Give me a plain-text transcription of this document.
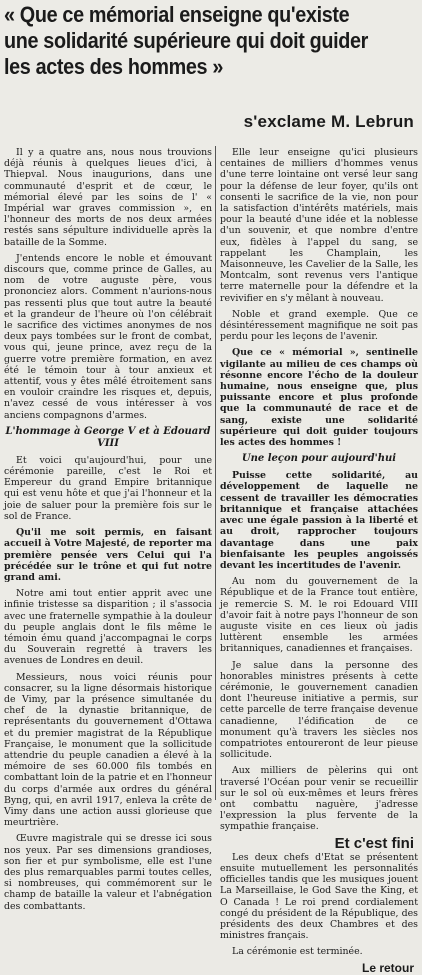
« Que ce mémorial enseigne qu'existe
une solidarité supérieure qui doit guider
les actes des hommes »
s'exclame M. Lebrun

Il y a quatre ans, nous nous trouvions déjà réunis à quelques lieues d'ici, à Thiepval. Nous inaugurions, dans une communauté d'esprit et de cœur, le mémorial élevé par les soins de l' « Impérial war graves commission », en l'honneur des morts de nos deux armées restés sans sépulture individuelle après la bataille de la Somme.

J'entends encore le noble et émouvant discours que, comme prince de Galles, au nom de votre auguste père, vous prononciez alors. Comment n'aurions-nous pas ressenti plus que tout autre la beauté et la grandeur de l'heure où l'on célébrait le sacrifice des victimes anonymes de nos deux pays tombées sur le front de combat, vous qui, jeune prince, avez reçu de la guerre votre première formation, en avez été le témoin tour à tour anxieux et attentif, vous y êtes mêlé étroitement sans en vouloir craindre les risques et, depuis, n'avez cessé de vous intéresser à vos anciens compagnons d'armes.

L'hommage à George V et à Edouard VIII

Et voici qu'aujourd'hui, pour une cérémonie pareille, c'est le Roi et Empereur du grand Empire britannique qui est venu hôte et que j'ai l'honneur et la joie de saluer pour la première fois sur le sol de France.

Qu'il me soit permis, en faisant accueil à Votre Majesté, de reporter ma première pensée vers Celui qui l'a précédée sur le trône et qui fut notre grand ami.

Notre ami tout entier apprit avec une infinie tristesse sa disparition ; il s'associa avec une fraternelle sympathie à la douleur du peuple anglais dont le fils même le témoin ému quand j'accompagnai le corps du Souverain regretté à travers les avenues de Londres en deuil.

Messieurs, nous voici réunis pour consacrer, su la ligne désormais historique de Vimy, par la présence simultanée du chef de la dynastie britannique, de représentants du gouvernement d'Ottawa et du premier magistrat de la République Française, le monument que la sollicitude attendrie du peuple canadien a élevé à la mémoire de ses 60.000 fils tombés en combattant loin de la patrie et en l'honneur du corps d'armée aux ordres du général Byng, qui, en avril 1917, enleva la crête de Vimy dans une action aussi glorieuse que meurtrière.

Œuvre magistrale qui se dresse ici sous nos yeux. Par ses dimensions grandioses, son fier et pur symbolisme, elle est l'une des plus remarquables parmi toutes celles, si nombreuses, qui commémorent sur le champ de bataille la valeur et l'abnégation des combattants.

Elle leur enseigne qu'ici plusieurs centaines de milliers d'hommes venus d'une terre lointaine ont versé leur sang pour la défense de leur foyer, qu'ils ont consenti le sacrifice de la vie, non pour la satisfaction d'intérêts matériels, mais pour la beauté d'une idée et la noblesse d'un souvenir, et que nombre d'entre eux, fidèles à l'appel du sang, se rappelant les Champlain, les Maisonneuve, les Cavelier de la Salle, les Montcalm, sont revenus vers l'antique terre maternelle pour la défendre et la revivifier en s'y mêlant à nouveau.

Noble et grand exemple. Que ce désintéressement magnifique ne soit pas perdu pour les leçons de l'avenir.

Que ce « mémorial », sentinelle vigilante au milieu de ces champs où résonne encore l'écho de la douleur humaine, nous enseigne que, plus puissante encore et plus profonde que la communauté de race et de sang, existe une solidarité supérieure qui doit guider toujours les actes des hommes !

Une leçon pour aujourd'hui

Puisse cette solidarité, au développement de laquelle ne cessent de travailler les démocraties britannique et française attachées avec une égale passion à la liberté et au droit, rapprocher toujours davantage dans une paix bienfaisante les peuples angoissés devant les incertitudes de l'avenir.

Au nom du gouvernement de la République et de la France tout entière, je remercie S. M. le roi Edouard VIII d'avoir fait à notre pays l'honneur de son auguste visite en ces lieux où jadis luttèrent ensemble les armées britanniques, canadiennes et françaises.

Je salue dans la personne des honorables ministres présents à cette cérémonie, le gouvernement canadien dont l'heureuse initiative a permis, sur cette parcelle de terre française devenue canadienne, l'édification de ce monument qu'à travers les siècles nos compatriotes entoureront de leur pieuse sollicitude.

Aux milliers de pèlerins qui ont traversé l'Océan pour venir se recueillir sur le sol où eux-mêmes et leurs frères ont combattu naguère, j'adresse l'expression la plus fervente de la sympathie française.

Et c'est fini

Les deux chefs d'Etat se présentent ensuite mutuellement les personnalités officielles tandis que les musiques jouent La Marseillaise, le God Save the King, et O Canada ! Le roi prend cordialement congé du président de la République, des présidents des deux Chambres et des ministres français.

La cérémonie est terminée.

Le retour
